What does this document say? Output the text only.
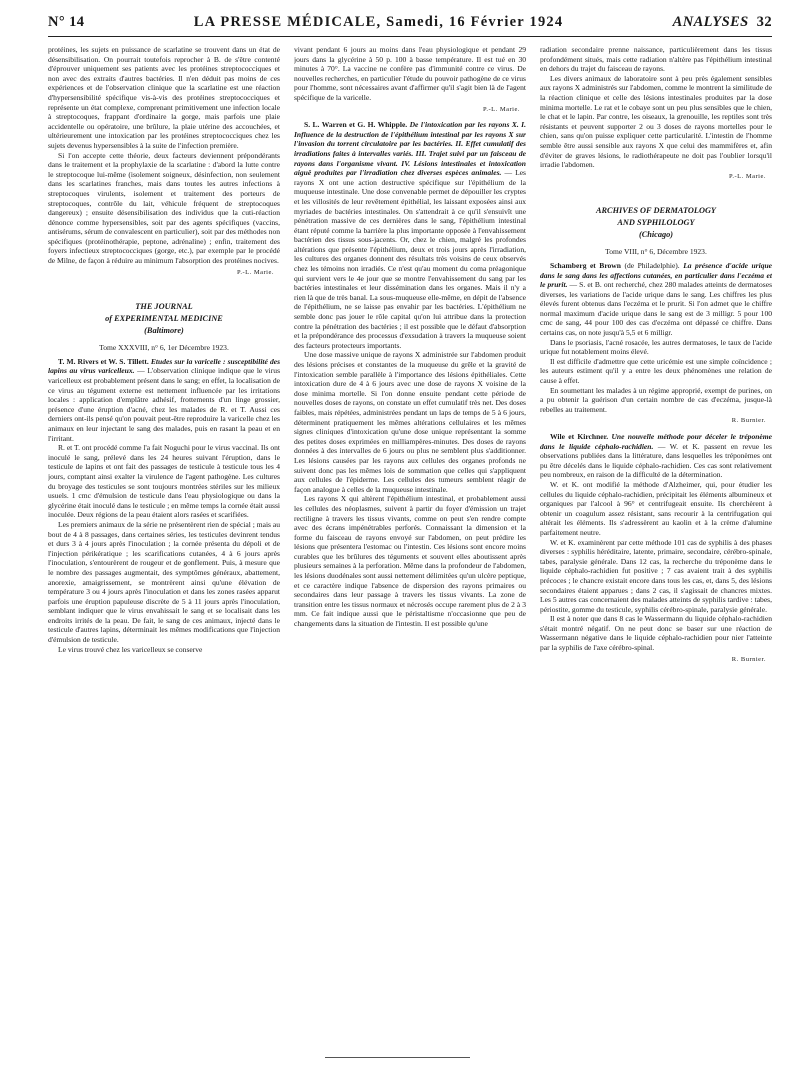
N° 14	LA PRESSE MÉDICALE, Samedi, 16 Février 1924	ANALYSES 32

protéines, les sujets en puissance de scarlatine se trouvent dans un état de désensibilisation. On pourrait toutefois reprocher à B. de s'être contenté d'éprouver uniquement ses patients avec les protéines streptococciques et non avec des extraits d'autres bactéries. Il n'en déduit pas moins de ces expériences et de l'observation clinique que la scarlatine est une réaction d'hypersensibilité spécifique vis-à-vis des protéines streptococciques et représente un état complexe, comprenant primitivement une infection locale à streptocoques, frappant d'ordinaire la gorge, mais parfois une plaie accidentelle ou opératoire, une brûlure, la plaie utérine des accouchées, et ultérieurement une intoxication par les protéines streptococciques chez les sujets devenus hypersensibles à la suite de l'infection première.

Si l'on accepte cette théorie, deux facteurs deviennent prépondérants dans le traitement et la prophylaxie de la scarlatine : d'abord la lutte contre le streptocoque lui-même (isolement soigneux, désinfection, non seulement dans les scarlatines franches, mais dans toutes les autres infections à streptocoques virulents, isolement et traitement des porteurs de streptocoques, contrôle du lait, véhicule fréquent de streptocoques dangereux) ; ensuite désensibilisation des individus que la cuti-réaction dénonce comme hypersensibles, soit par des agents spécifiques (vaccins, antisérums, sérum de convalescent en particulier), soit par des méthodes non spécifiques (protéinothérapie, peptone, adrénaline) ; enfin, traitement des foyers infectieux streptococciques (gorge, etc.), par exemple par le procédé de Milne, de façon à réduire au minimum l'absorption des protéines nocives.

P.-L. Marie.
THE JOURNAL
of EXPERIMENTAL MEDICINE
(Baltimore)
Tome XXXVIII, n° 6, 1er Décembre 1923.

T. M. Rivers et W. S. Tillett. Etudes sur la varicelle : susceptibilité des lapins au virus varicelleux. — L'observation clinique indique que le virus varicelleux est probablement présent dans le sang; en effet, la localisation de ce virus au tégument externe est nettement influencée par les irritations locales : application d'emplâtre adhésif, frottements d'un linge grossier, présence d'une éruption d'acné, chez les malades de R. et T. Aussi ces derniers ont-ils pensé qu'on pouvait peut-être reproduire la varicelle chez les animaux en leur injectant le sang des malades, puis en rasant la peau et en l'irritant.

R. et T. ont procédé comme l'a fait Noguchi pour le virus vaccinal. Ils ont inoculé le sang, prélevé dans les 24 heures suivant l'éruption, dans le testicule de lapins et ont fait des passages de testicule à testicule tous les 4 jours, comptant ainsi exalter la virulence de l'agent pathogène. Les cultures du broyage des testicules se sont toujours montrées stériles sur les milieux usuels. 1 cmc d'émulsion de testicule dans l'eau physiologique ou dans la glycérine était inoculé dans le testicule ; en même temps la cornée était aussi inoculée. Deux régions de la peau étaient alors rasées et scarifiées.

Les premiers animaux de la série ne présentèrent rien de spécial ; mais au bout de 4 à 8 passages, dans certaines séries, les testicules devinrent tendus et durs 3 à 4 jours après l'inoculation ; la cornée présenta du dépoli et de l'injection périkératique ; les scarifications cutanées, 4 à 6 jours après l'inoculation, s'entourèrent de rougeur et de gonflement. Puis, à mesure que le nombre des passages augmentait, des symptômes généraux, abattement, anorexie, amaigrissement, se montrèrent ainsi qu'une élévation de température 3 ou 4 jours après l'inoculation et dans les zones rasées apparut parfois une éruption papuleuse discrète de 5 à 11 jours après l'inoculation, semblant indiquer que le virus envahissait le sang et se localisait dans les endroits irrités de la peau. De fait, le sang de ces animaux, injecté dans le testicule d'autres lapins, déterminait les mêmes modifications que l'injection d'émulsion de testicule.

Le virus trouvé chez les varicelleux se conserve

vivant pendant 6 jours au moins dans l'eau physiologique et pendant 29 jours dans la glycérine à 50 p. 100 à basse température. Il est tué en 30 minutes à 70°. La vaccine ne confère pas d'immunité contre ce virus. De nouvelles recherches, en particulier l'étude du pouvoir pathogène de ce virus pour l'homme, sont nécessaires avant d'affirmer qu'il s'agit bien là de l'agent spécifique de la varicelle.

P.-L. Marie.

S. L. Warren et G. H. Whipple. De l'intoxication par les rayons X. I. Influence de la destruction de l'épithélium intestinal par les rayons X sur l'invasion du torrent circulatoire par les bactéries. II. Effet cumulatif des irradiations faites à intervalles variés. III. Trajet suivi par un faisceau de rayons dans l'organisme vivant. IV. Lésions intestinales et intoxication aiguë produites par l'irradiation chez diverses espèces animales. — Les rayons X ont une action destructive spécifique sur l'épithélium de la muqueuse intestinale. Une dose convenable permet de dépouiller les cryptes et les villosités de leur revêtement épithélial, les laissant exposées ainsi aux myriades de bactéries intestinales. On s'attendrait à ce qu'il s'ensuivît une pénétration massive de ces dernières dans le sang, l'épithélium intestinal étant réputé comme la barrière la plus importante opposée à l'envahissement bactérien des tissus sous-jacents. Or, chez le chien, malgré les profondes altérations que présente l'épithélium, deux et trois jours après l'irradiation, les cultures des organes donnent des résultats très voisins de ceux observés chez les témoins non irradiés. Ce n'est qu'au moment du coma préagonique qui survient vers le 4e jour que se montre l'envahissement du sang par les bactéries intestinales et leur dissémination dans les organes. Mais il n'y a rien là que de très banal. La sous-muqueuse elle-même, en dépit de l'absence de l'épithélium, ne se laisse pas envahir par les bactéries. L'épithélium ne semble donc pas jouer le rôle capital qu'on lui attribue dans la protection contre la pénétration des bactéries ; il est possible que le défaut d'absorption et la prépondérance des processus d'exsudation à travers la muqueuse soient des facteurs protecteurs importants.

Une dose massive unique de rayons X administrée sur l'abdomen produit des lésions précises et constantes de la muqueuse du grêle et la gravité de l'intoxication semble parallèle à l'importance des lésions épithéliales. Cette intoxication dure de 4 à 6 jours avec une dose de rayons X voisine de la dose minima mortelle. Si l'on donne ensuite pendant cette période de nouvelles doses de rayons, on constate un effet cumulatif très net. Des doses faibles, mais répétées, administrées pendant un laps de temps de 5 à 6 jours, déterminent pratiquement les mêmes altérations cellulaires et les mêmes signes cliniques d'intoxication qu'une dose unique représentant la somme des petites doses exprimées en milliampères-minutes. Des doses de rayons données à des intervalles de 6 jours ou plus ne semblent plus s'additionner. Les lésions causées par les rayons aux cellules des organes profonds ne suivent donc pas les mêmes lois de sommation que celles qui s'appliquent aux cellules de l'épiderme. Les cellules des tumeurs semblent réagir de façon analogue à celles de la muqueuse intestinale.

Les rayons X qui altèrent l'épithélium intestinal, et probablement aussi les cellules des néoplasmes, suivent à partir du foyer d'émission un trajet rectiligne à travers les tissus vivants, comme on peut s'en rendre compte avec des écrans impénétrables perforés. Connaissant la dimension et la forme du faisceau de rayons envoyé sur l'abdomen, on peut prédire les lésions que présentera l'estomac ou l'intestin. Ces lésions sont encore moins curables que les brûlures des téguments et souvent elles aboutissent après plusieurs semaines à la perforation. Même dans la profondeur de l'abdomen, les lésions duodénales sont aussi nettement délimitées qu'un ulcère peptique, et ce caractère indique l'absence de dispersion des rayons primaires ou secondaires dans leur passage à travers les tissus vivants. La zone de transition entre les tissus normaux et nécrosés occupe rarement plus de 2 à 3 mm. Ce fait indique aussi que le péristaltisme n'occasionne que peu de changements dans la situation de l'intestin. Il est possible qu'une

radiation secondaire prenne naissance, particulièrement dans les tissus profondément situés, mais cette radiation n'altère pas l'épithélium intestinal en dehors du trajet du faisceau de rayons.

Les divers animaux de laboratoire sont à peu près également sensibles aux rayons X administrés sur l'abdomen, comme le montrent la similitude de la réaction clinique et celle des lésions intestinales produites par la dose minima mortelle. Le rat et le cobaye sont un peu plus sensibles que le chien, le chat et le lapin. Par contre, les oiseaux, la grenouille, les reptiles sont très résistants et peuvent supporter 2 ou 3 doses de rayons mortelles pour le chien, sans qu'on puisse expliquer cette particularité. L'intestin de l'homme semble être aussi sensible aux rayons X que celui des mammifères et, afin d'éviter de graves lésions, le radiothérapeute ne doit pas l'oublier lorsqu'il irradie l'abdomen.

P.-L. Marie.
ARCHIVES OF DERMATOLOGY
AND SYPHILOLOGY
(Chicago)
Tome VIII, n° 6, Décembre 1923.

Schamberg et Brown (de Philadelphie). La présence d'acide urique dans le sang dans les affections cutanées, en particulier dans l'eczéma et le prurit. — S. et B. ont recherché, chez 280 malades atteints de dermatoses diverses, les variations de l'acide urique dans le sang. Les chiffres les plus élevés furent obtenus dans l'eczéma et le prurit. Si l'on admet que le chiffre normal maximum d'acide urique dans le sang est de 3 milligr. 5 pour 100 cmc de sang, 44 pour 100 des cas d'eczéma ont dépassé ce chiffre. Dans certains cas, on note jusqu'à 5,5 et 6 milligr.

Dans le psoriasis, l'acné rosacée, les autres dermatoses, le taux de l'acide urique fut notablement moins élevé.

Il est difficile d'admettre que cette uricémie est une simple coïncidence ; les auteurs estiment qu'il y a entre les deux phénomènes une relation de cause à effet.

En soumettant les malades à un régime approprié, exempt de purines, on a pu obtenir la guérison d'un certain nombre de cas d'eczéma, jusque-là rebelles au traitement.

R. Burnier.

Wile et Kirchner. Une nouvelle méthode pour déceler le tréponème dans le liquide céphalo-rachidien. — W. et K. passent en revue les observations publiées dans la littérature, dans lesquelles les tréponèmes ont pu être décelés dans le liquide céphalo-rachidien. Ces cas sont relativement peu nombreux, en raison de la difficulté de la détermination.

W. et K. ont modifié la méthode d'Alzheimer, qui, pour étudier les cellules du liquide céphalo-rachidien, précipitait les éléments albumineux et organiques par l'alcool à 96° et centrifugeait ensuite. Ils cherchèrent à obtenir un coagulum assez résistant, sans recourir à la centrifugation qui altérait les éléments. Ils s'adressèrent au kaolin et à la crème d'alumine parfaitement neutre.

W. et K. examinèrent par cette méthode 101 cas de syphilis à des phases diverses : syphilis héréditaire, latente, primaire, secondaire, cérébro-spinale, tabes, paralysie générale. Dans 12 cas, la recherche du tréponème dans le liquide céphalo-rachidien fut positive ; 7 cas avaient trait à des syphilis précoces ; le chancre existait encore dans tous les cas, et, dans 5, des lésions secondaires étaient apparues ; dans 2 cas, il s'agissait de chancres mixtes. Les 5 autres cas concernaient des malades atteints de syphilis tardive : tabes, périostite, gomme du testicule, syphilis cérébro-spinale, paralysie générale.

Il est à noter que dans 8 cas le Wassermann du liquide céphalo-rachidien s'était montré négatif. On ne peut donc se baser sur une réaction de Wassermann négative dans le liquide céphalo-rachidien pour nier l'atteinte par la syphilis de l'axe cérébro-spinal.

R. Burnier.
